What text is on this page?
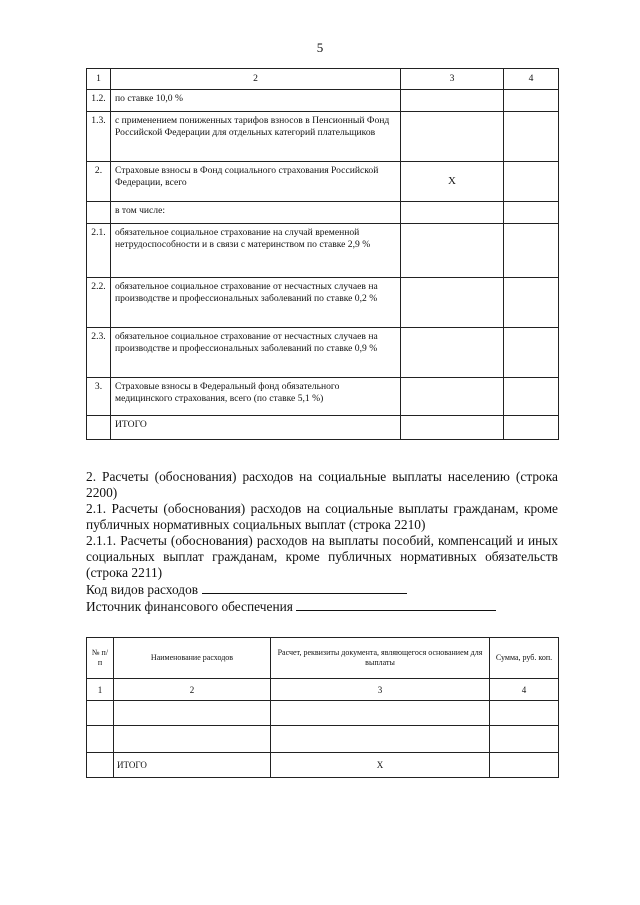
5
1	2	3	4
1.2.	по ставке 10,0 %		
1.3.	с применением пониженных тарифов взносов в Пенсионный Фонд Российской Федерации для отдельных категорий плательщиков		
2.	Страховые взносы в Фонд социального страхования Российской Федерации, всего	Х	
	в том числе:		
2.1.	обязательное социальное страхование на случай временной нетрудоспособности и в связи с материнством по ставке 2,9 %		
2.2.	обязательное социальное страхование от несчастных случаев на производстве и профессиональных заболеваний по ставке 0,2 %		
2.3.	обязательное социальное страхование от несчастных случаев на производстве и профессиональных заболеваний по ставке 0,9 %		
3.	Страховые взносы в Федеральный фонд обязательного медицинского страхования, всего (по ставке 5,1 %)		
	ИТОГО		

2. Расчеты (обоснования) расходов на социальные выплаты населению (строка 2200)

2.1. Расчеты (обоснования) расходов на социальные выплаты гражданам, кроме публичных нормативных социальных выплат (строка 2210)

2.1.1. Расчеты (обоснования) расходов на выплаты пособий, компенсаций и иных социальных выплат гражданам, кроме публичных нормативных обязательств (строка 2211)

Код видов расходов

Источник финансового обеспечения

№ п/п	Наименование расходов	Расчет, реквизиты документа, являющегося основанием для выплаты	Сумма, руб. коп.
1	2	3	4

	ИТОГО	Х	
